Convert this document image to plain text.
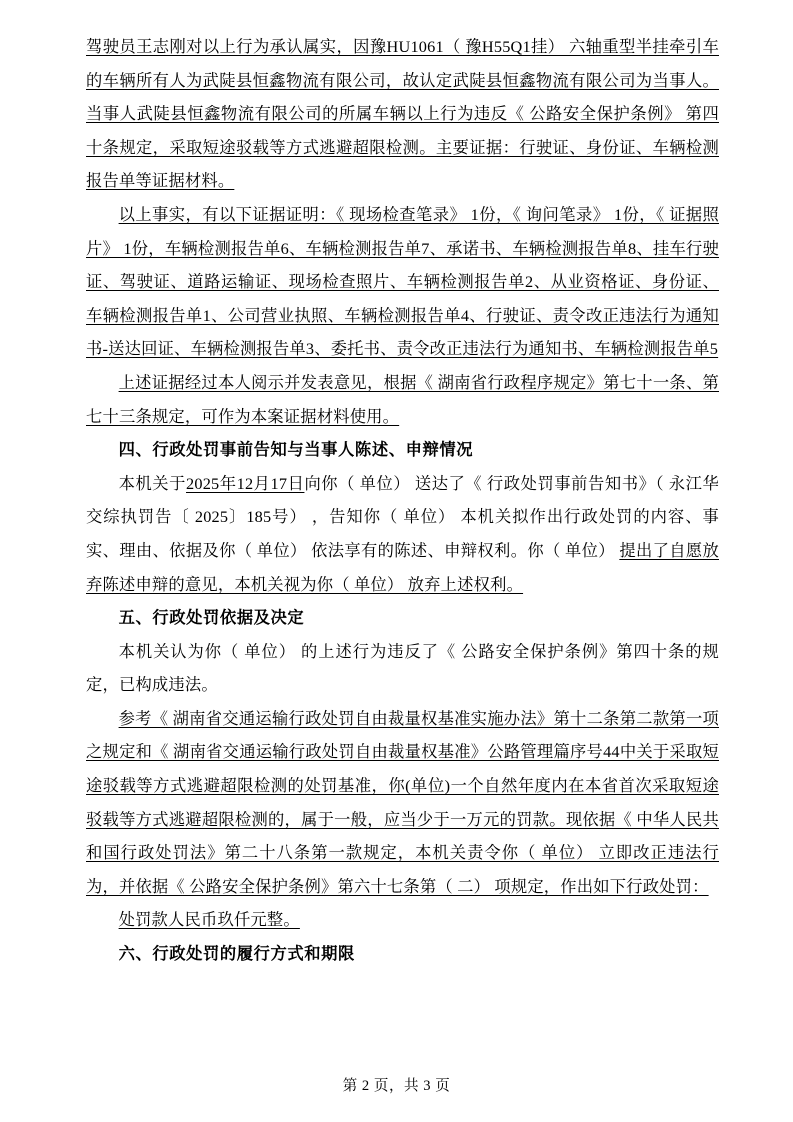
驾驶员王志刚对以上行为承认属实，因豫HU1061（ 豫H55Q1挂） 六轴重型半挂牵引车的车辆所有人为武陡县恒鑫物流有限公司，故认定武陡县恒鑫物流有限公司为当事人。当事人武陡县恒鑫物流有限公司的所属车辆以上行为违反《 公路安全保护条例》 第四十条规定，采取短途驳载等方式逃避超限检测。主要证据：行驶证、身份证、车辆检测报告单等证据材料。

以上事实，有以下证据证明：《 现场检查笔录》 1份，《 询问笔录》 1份，《 证据照片》 1份，车辆检测报告单6、车辆检测报告单7、承诺书、车辆检测报告单8、挂车行驶证、驾驶证、道路运输证、现场检查照片、车辆检测报告单2、从业资格证、身份证、车辆检测报告单1、公司营业执照、车辆检测报告单4、行驶证、责令改正违法行为通知书-送达回证、车辆检测报告单3、委托书、责令改正违法行为通知书、车辆检测报告单5

上述证据经过本人阅示并发表意见，根据《 湖南省行政程序规定》第七十一条、第七十三条规定，可作为本案证据材料使用。

四、行政处罚事前告知与当事人陈述、申辩情况

本机关于2025年12月17日向你（ 单位） 送达了《 行政处罚事前告知书》（ 永江华交综执罚告〔 2025〕185号） ，告知你（ 单位） 本机关拟作出行政处罚的内容、事实、理由、依据及你（ 单位） 依法享有的陈述、申辩权利。你（ 单位） 提出了自愿放弃陈述申辩的意见，本机关视为你（ 单位） 放弃上述权利。

五、行政处罚依据及决定

本机关认为你（ 单位） 的上述行为违反了《 公路安全保护条例》第四十条的规定，已构成违法。

参考《 湖南省交通运输行政处罚自由裁量权基准实施办法》第十二条第二款第一项之规定和《 湖南省交通运输行政处罚自由裁量权基准》公路管理篇序号44中关于采取短途驳载等方式逃避超限检测的处罚基准，你(单位)一个自然年度内在本省首次采取短途驳载等方式逃避超限检测的，属于一般，应当少于一万元的罚款。现依据《 中华人民共和国行政处罚法》第二十八条第一款规定，本机关责令你（ 单位） 立即改正违法行为，并依据《 公路安全保护条例》第六十七条第（ 二） 项规定，作出如下行政处罚：

处罚款人民币玖仟元整。

六、行政处罚的履行方式和期限

第 2 页，共 3 页
